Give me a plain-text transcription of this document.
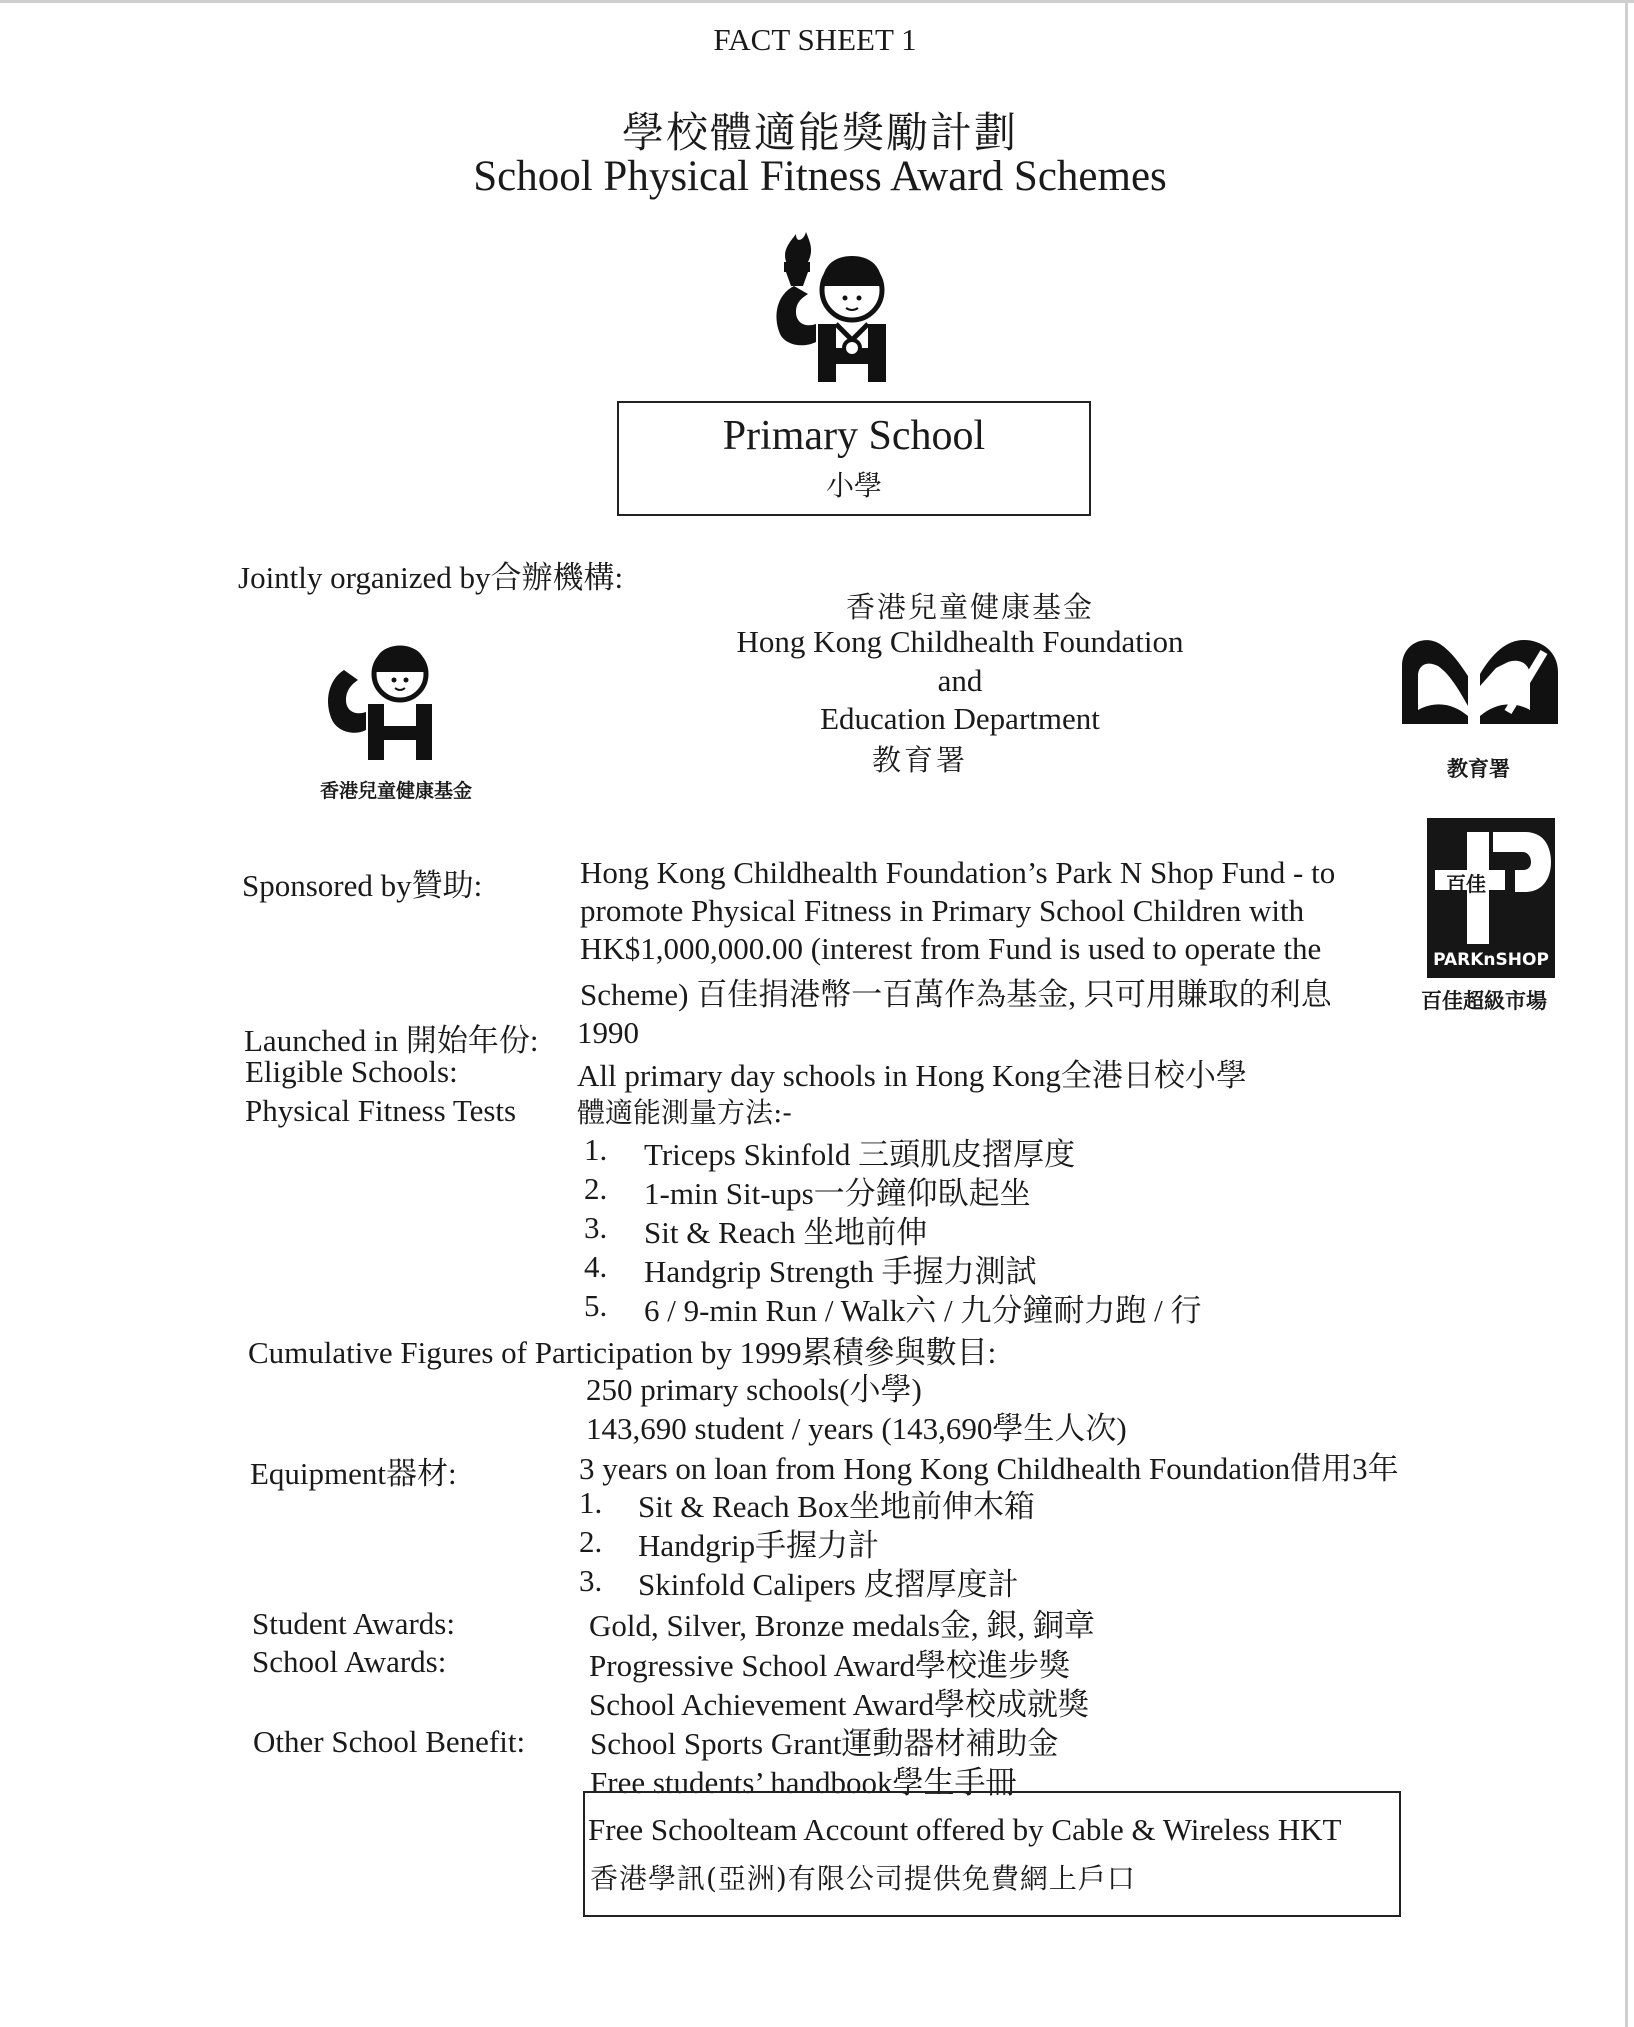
FACT SHEET 1
學校體適能獎勵計劃
School Physical Fitness Award Schemes
Primary School
小學
Jointly organized by合辦機構:
香港兒童健康基金
Hong Kong Childhealth Foundation
and
Education Department
教育署
香港兒童健康基金
教育署
Sponsored by贊助:	Hong Kong Childhealth Foundation’s Park N Shop Fund - to
promote Physical Fitness in Primary School Children with
HK$1,000,000.00 (interest from Fund is used to operate the
Scheme) 百佳捐港幣一百萬作為基金, 只可用賺取的利息
百佳
PARKnSHOP
百佳超級市場
Launched in 開始年份: 1990
Eligible Schools:	All primary day schools in Hong Kong全港日校小學
Physical Fitness Tests 體適能測量方法:-
1. Triceps Skinfold 三頭肌皮摺厚度
2. 1-min Sit-ups一分鐘仰臥起坐
3. Sit & Reach 坐地前伸
4. Handgrip Strength 手握力測試
5. 6 / 9-min Run / Walk六 / 九分鐘耐力跑 / 行
Cumulative Figures of Participation by 1999累積參與數目:
250 primary schools(小學)
143,690 student / years (143,690學生人次)
Equipment器材:	3 years on loan from Hong Kong Childhealth Foundation借用3年
1. Sit & Reach Box坐地前伸木箱
2. Handgrip手握力計
3. Skinfold Calipers 皮摺厚度計
Student Awards:	Gold, Silver, Bronze medals金, 銀, 銅章
School Awards:	Progressive School Award學校進步獎
School Achievement Award學校成就獎
Other School Benefit: School Sports Grant運動器材補助金
Free students’ handbook學生手冊
Free Schoolteam Account offered by Cable & Wireless HKT
香港學訊(亞洲)有限公司提供免費網上戶口
